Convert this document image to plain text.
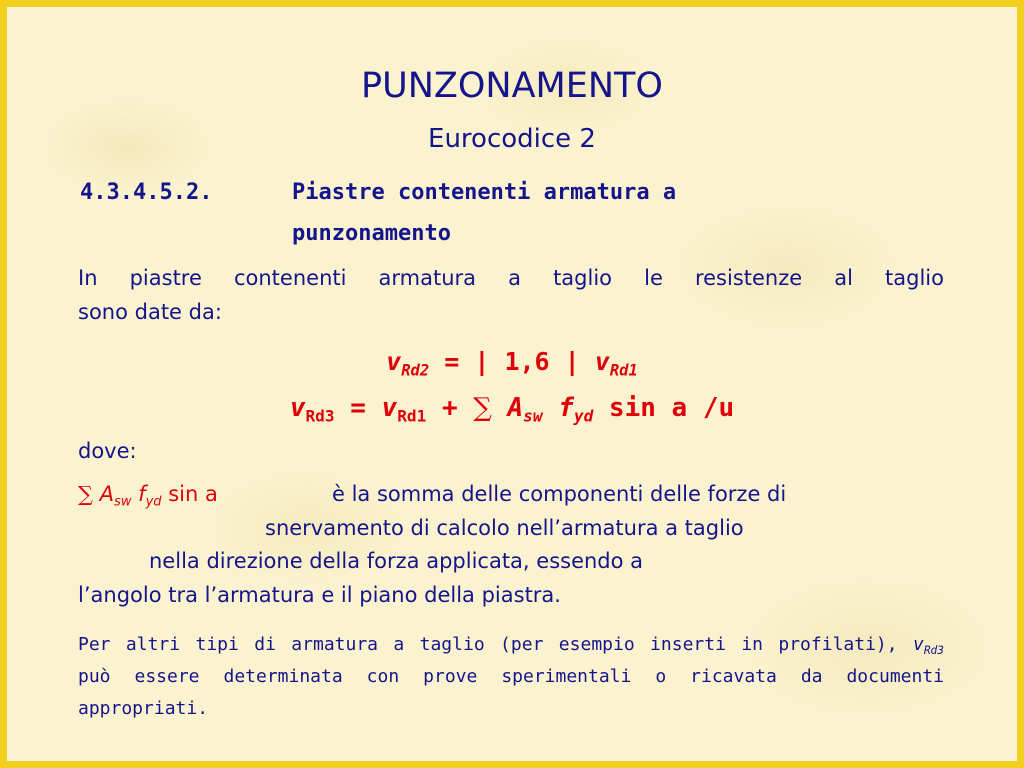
PUNZONAMENTO
Eurocodice 2
4.3.4.5.2.	Piastre contenenti armatura a
punzonamento
In piastre contenenti armatura a taglio le resistenze al taglio
sono date da:
$v_{Rd2}$ = | 1,6 | $v_{Rd1}$
$v_{Rd3} = v_{Rd1}$ + ∑ $A_{sw}$ $f_{yd}$ sin a /u
dove:
∑ $A_{sw}$ $f_{yd}$ sin a	è la somma delle componenti delle forze di
snervamento di calcolo nell’armatura a taglio
nella direzione della forza applicata, essendo a
l’angolo tra l’armatura e il piano della piastra.
Per altri tipi di armatura a taglio (per esempio inserti in profilati), $v_{Rd3}$
può essere determinata con prove sperimentali o ricavata da documenti
appropriati.
